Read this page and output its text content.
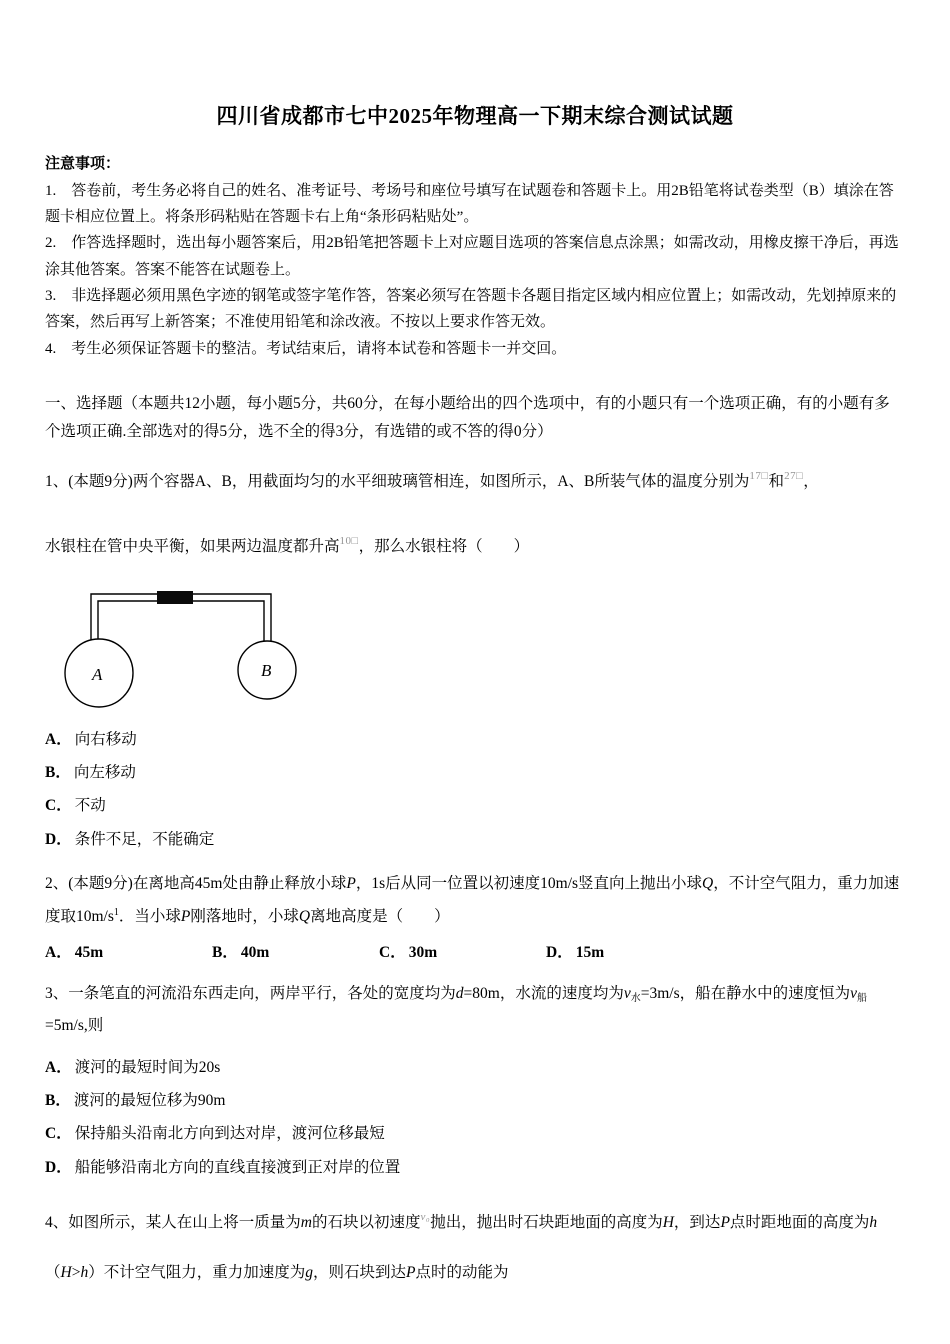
四川省成都市七中2025年物理高一下期末综合测试试题

注意事项：

1.　答卷前，考生务必将自己的姓名、准考证号、考场号和座位号填写在试题卷和答题卡上。用2B铅笔将试卷类型（B）填涂在答题卡相应位置上。将条形码粘贴在答题卡右上角“条形码粘贴处”。

2.　作答选择题时，选出每小题答案后，用2B铅笔把答题卡上对应题目选项的答案信息点涂黑；如需改动，用橡皮擦干净后，再选涂其他答案。答案不能答在试题卷上。

3.　非选择题必须用黑色字迹的钢笔或签字笔作答，答案必须写在答题卡各题目指定区域内相应位置上；如需改动，先划掉原来的答案，然后再写上新答案；不准使用铅笔和涂改液。不按以上要求作答无效。

4.　考生必须保证答题卡的整洁。考试结束后，请将本试卷和答题卡一并交回。

一、选择题（本题共12小题，每小题5分，共60分，在每小题给出的四个选项中，有的小题只有一个选项正确，有的小题有多个选项正确.全部选对的得5分，选不全的得3分，有选错的或不答的得0分）

1、(本题9分)两个容器A、B，用截面均匀的水平细玻璃管相连，如图所示，A、B所装气体的温度分别为$^{17□}$和$^{27□}$，

水银柱在管中央平衡，如果两边温度都升高$^{10□}$，那么水银柱将（　　）

A	B

A． 向右移动

B． 向左移动

C． 不动

D． 条件不足，不能确定

2、(本题9分)在离地高45m处由静止释放小球P，1s后从同一位置以初速度10m/s竖直向上抛出小球Q，不计空气阻力，重力加速度取$10m/s^1$．当小球P刚落地时，小球Q离地高度是（　　）

A． 45m	B． 40m	C． 30m	D． 15m

3、一条笔直的河流沿东西走向，两岸平行，各处的宽度均为d=80m，水流的速度均为$v_水=3m/s$，船在静水中的速度恒为$v_船=5m/s$,则

A． 渡河的最短时间为20s

B． 渡河的最短位移为90m

C． 保持船头沿南北方向到达对岸，渡河位移最短

D． 船能够沿南北方向的直线直接渡到正对岸的位置

4、如图所示，某人在山上将一质量为m的石块以初速度$^{v_0}$抛出，抛出时石块距地面的高度为H，到达P点时距地面的高度为h（H>h）不计空气阻力，重力加速度为g，则石块到达P点时的动能为
